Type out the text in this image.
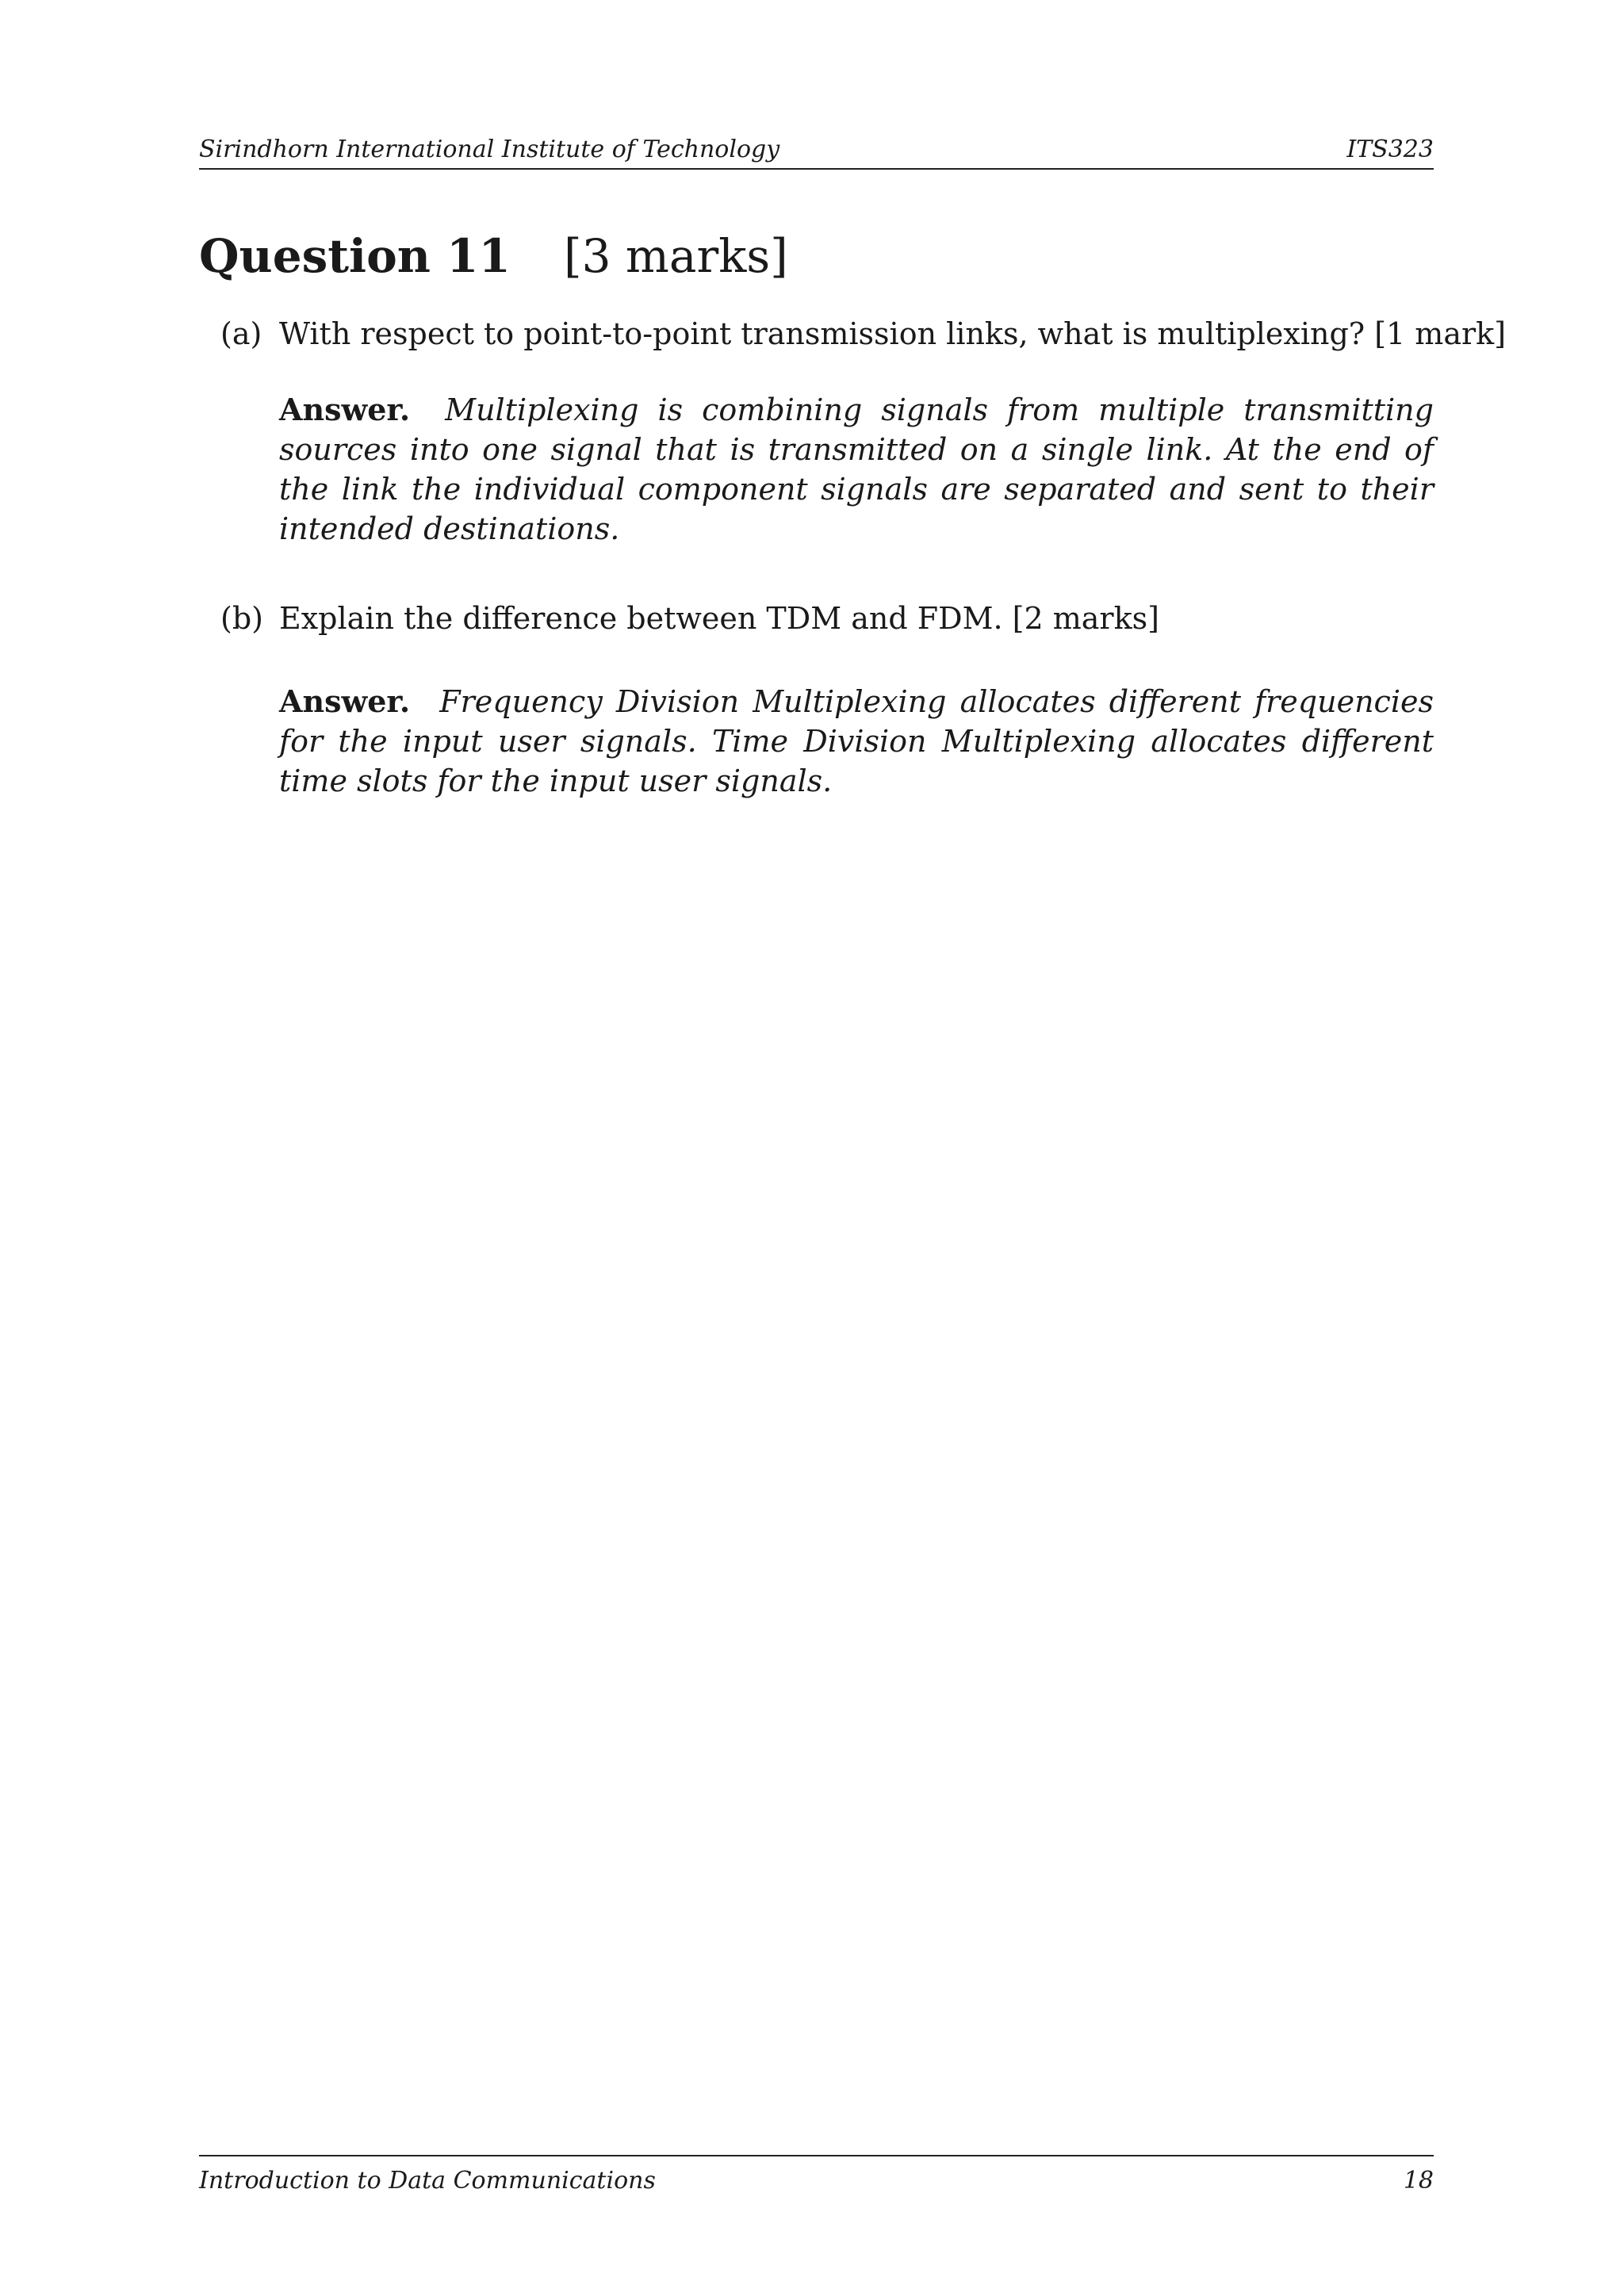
Sirindhorn International Institute of Technology	ITS323
Question 11 [3 marks]
(a) With respect to point-to-point transmission links, what is multiplexing? [1 mark]
Answer. Multiplexing is combining signals from multiple transmitting sources into one signal that is transmitted on a single link. At the end of the link the individual component signals are separated and sent to their intended destinations.
(b) Explain the difference between TDM and FDM. [2 marks]
Answer. Frequency Division Multiplexing allocates different frequencies for the input user signals. Time Division Multiplexing allocates different time slots for the input user signals.
Introduction to Data Communications	18
